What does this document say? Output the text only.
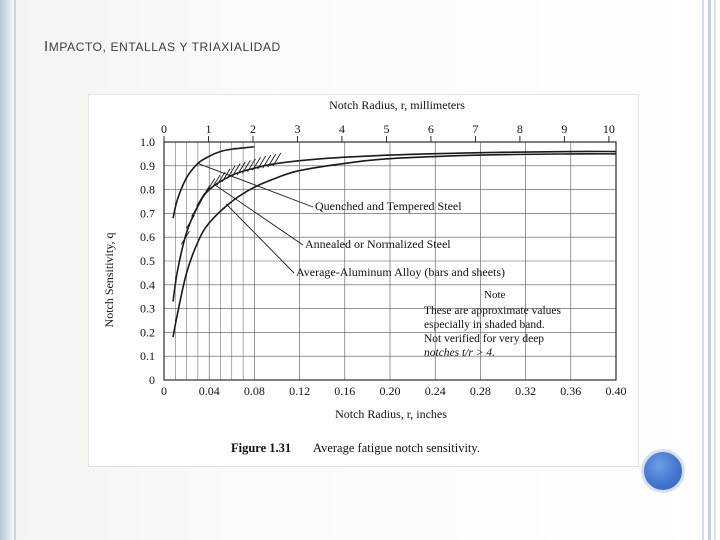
IMPACTO, ENTALLAS Y TRIAXIALIDAD
Notch Radius, r, millimeters
0	1	2	3	4	5	6	7	8	9	10
0
0.1
0.2
0.3
0.4
0.5
0.6
0.7
0.8
0.9
1.0
0	0.04 0.08 0.12 0.16 0.20 0.24 0.28 0.32 0.36 0.40
Notch Sensitivity, q
Notch Radius, r, inches
Quenched and Tempered Steel
Annealed or Normalized Steel
Average-Aluminum Alloy (bars and sheets)
Note
These are approximate values
especially in shaded band.
Not verified for very deep
notches t/r > 4.
Figure 1.31 Average fatigue notch sensitivity.
